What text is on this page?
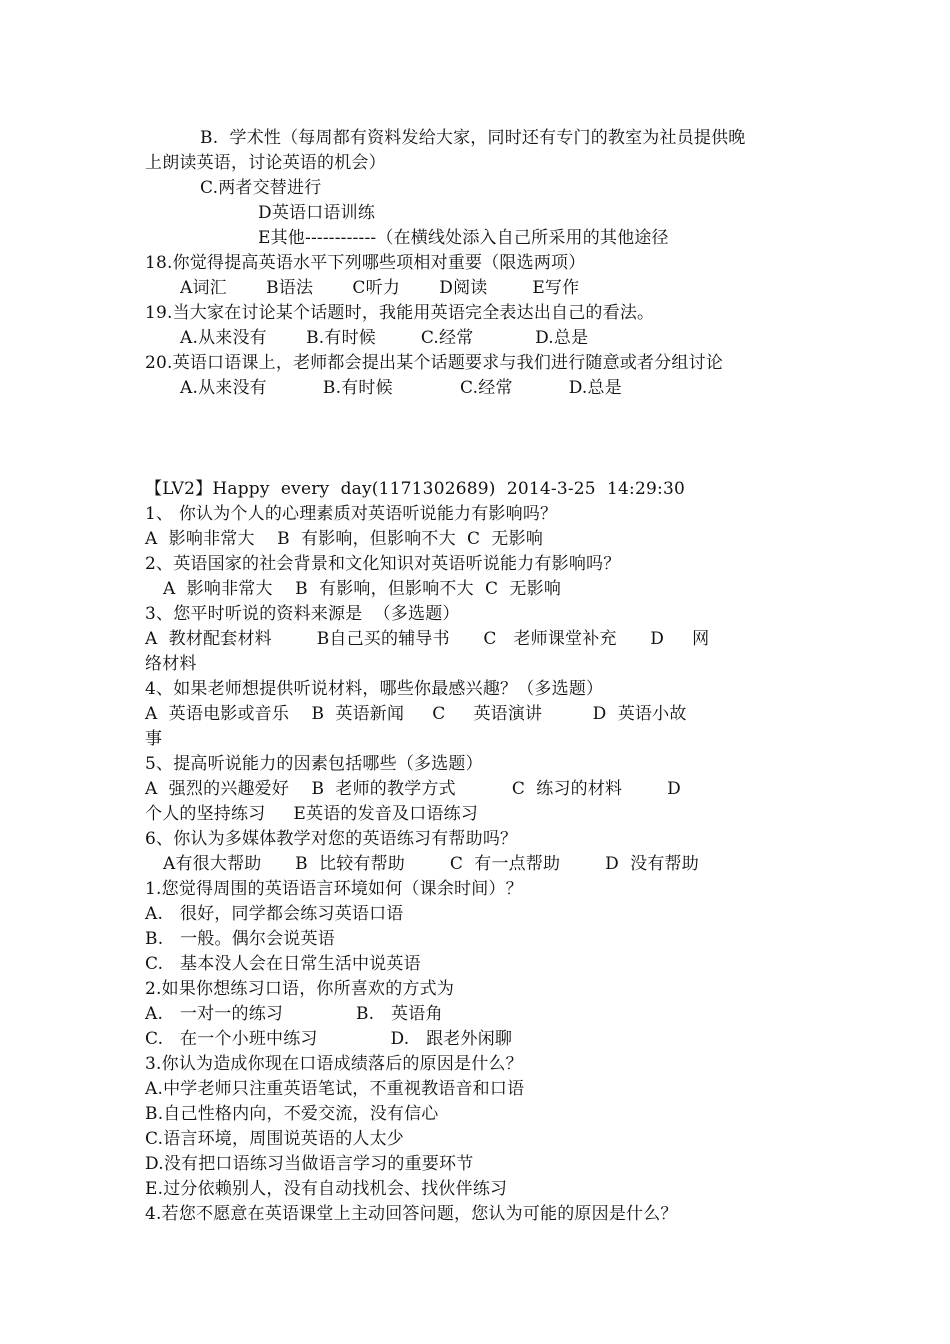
B.  学术性（每周都有资料发给大家，同时还有专门的教室为社员提供晚
上朗读英语，讨论英语的机会）
C.两者交替进行
D英语口语训练
E其他------------（在横线处添入自己所采用的其他途径
18.你觉得提高英语水平下列哪些项相对重要（限选两项）
A词汇       B语法       C听力       D阅读        E写作
19.当大家在讨论某个话题时，我能用英语完全表达出自己的看法。
A.从来没有       B.有时候        C.经常           D.总是
20.英语口语课上，老师都会提出某个话题要求与我们进行随意或者分组讨论
A.从来没有          B.有时候            C.经常          D.总是
【LV2】Happy  every  day(1171302689)  2014-3-25  14:29:30
1、 你认为个人的心理素质对英语听说能力有影响吗？
A  影响非常大    B  有影响，但影响不大  C  无影响
2、英语国家的社会背景和文化知识对英语听说能力有影响吗？
A  影响非常大    B  有影响，但影响不大  C  无影响
3、您平时听说的资料来源是  （多选题）
A  教材配套材料        B自己买的辅导书      C   老师课堂补充      D     网
络材料
4、如果老师想提供听说材料，哪些你最感兴趣？（多选题）
A  英语电影或音乐    B  英语新闻     C     英语演讲         D  英语小故
事
5、提高听说能力的因素包括哪些（多选题）
A  强烈的兴趣爱好    B  老师的教学方式          C  练习的材料        D
个人的坚持练习     E英语的发音及口语练习
6、你认为多媒体教学对您的英语练习有帮助吗？
A有很大帮助      B  比较有帮助        C  有一点帮助        D  没有帮助
1.您觉得周围的英语语言环境如何（课余时间）？
A.   很好，同学都会练习英语口语
B.   一般。偶尔会说英语
C.   基本没人会在日常生活中说英语
2.如果你想练习口语，你所喜欢的方式为
A.   一对一的练习             B.   英语角
C.   在一个小班中练习             D.   跟老外闲聊
3.你认为造成你现在口语成绩落后的原因是什么？
A.中学老师只注重英语笔试，不重视教语音和口语
B.自己性格内向，不爱交流，没有信心
C.语言环境，周围说英语的人太少
D.没有把口语练习当做语言学习的重要环节
E.过分依赖别人，没有自动找机会、找伙伴练习
4.若您不愿意在英语课堂上主动回答问题，您认为可能的原因是什么？
